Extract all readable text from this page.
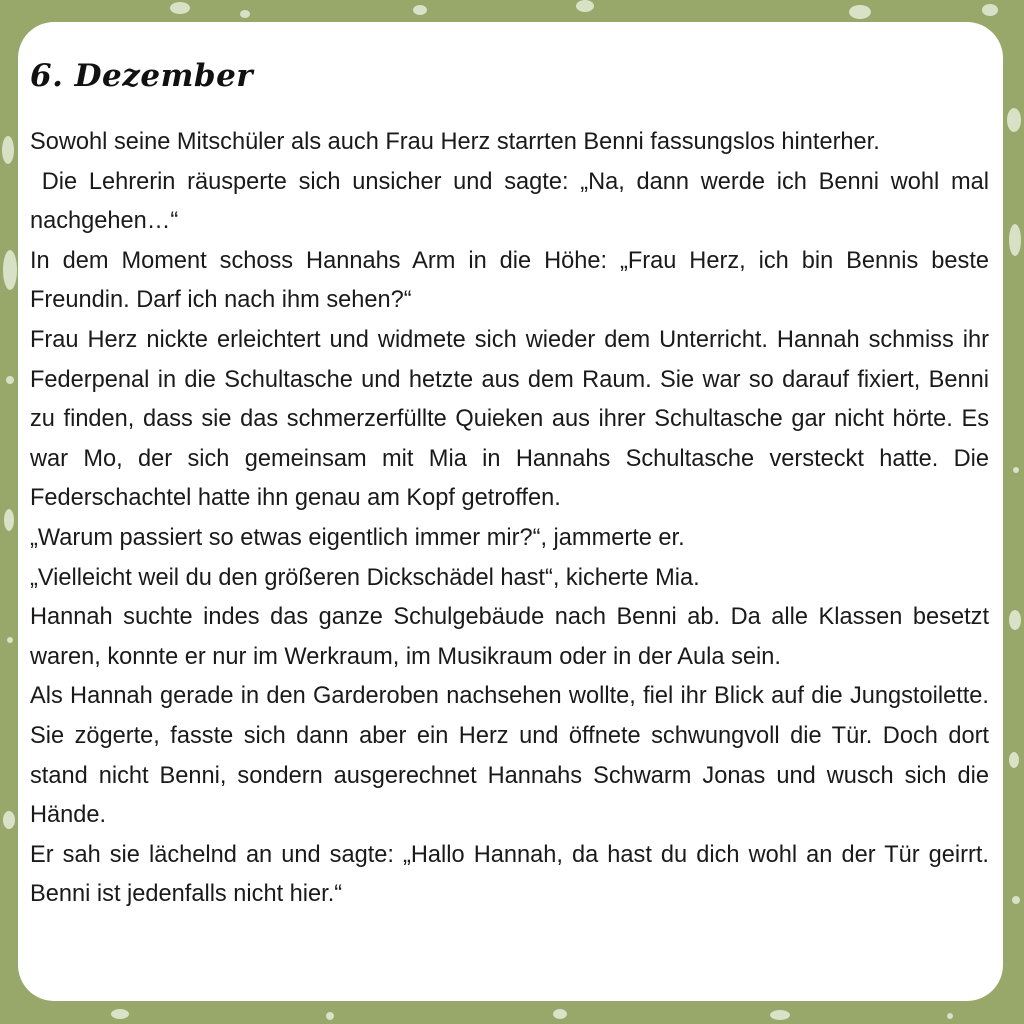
6. Dezember

Sowohl seine Mitschüler als auch Frau Herz starrten Benni fassungslos hinterher.

Die Lehrerin räusperte sich unsicher und sagte: „Na, dann werde ich Benni wohl mal nachgehen…“

In dem Moment schoss Hannahs Arm in die Höhe: „Frau Herz, ich bin Bennis beste Freundin. Darf ich nach ihm sehen?“

Frau Herz nickte erleichtert und widmete sich wieder dem Unterricht. Hannah schmiss ihr Federpenal in die Schultasche und hetzte aus dem Raum. Sie war so darauf fixiert, Benni zu finden, dass sie das schmerzerfüllte Quieken aus ihrer Schultasche gar nicht hörte. Es war Mo, der sich gemeinsam mit Mia in Hannahs Schultasche versteckt hatte. Die Federschachtel hatte ihn genau am Kopf getroffen.

„Warum passiert so etwas eigentlich immer mir?“, jammerte er.

„Vielleicht weil du den größeren Dickschädel hast“, kicherte Mia.

Hannah suchte indes das ganze Schulgebäude nach Benni ab. Da alle Klassen besetzt waren, konnte er nur im Werkraum, im Musikraum oder in der Aula sein.

Als Hannah gerade in den Garderoben nachsehen wollte, fiel ihr Blick auf die Jungstoilette. Sie zögerte, fasste sich dann aber ein Herz und öffnete schwungvoll die Tür. Doch dort stand nicht Benni, sondern ausgerechnet Hannahs Schwarm Jonas und wusch sich die Hände.

Er sah sie lächelnd an und sagte: „Hallo Hannah, da hast du dich wohl an der Tür geirrt. Benni ist jedenfalls nicht hier.“
